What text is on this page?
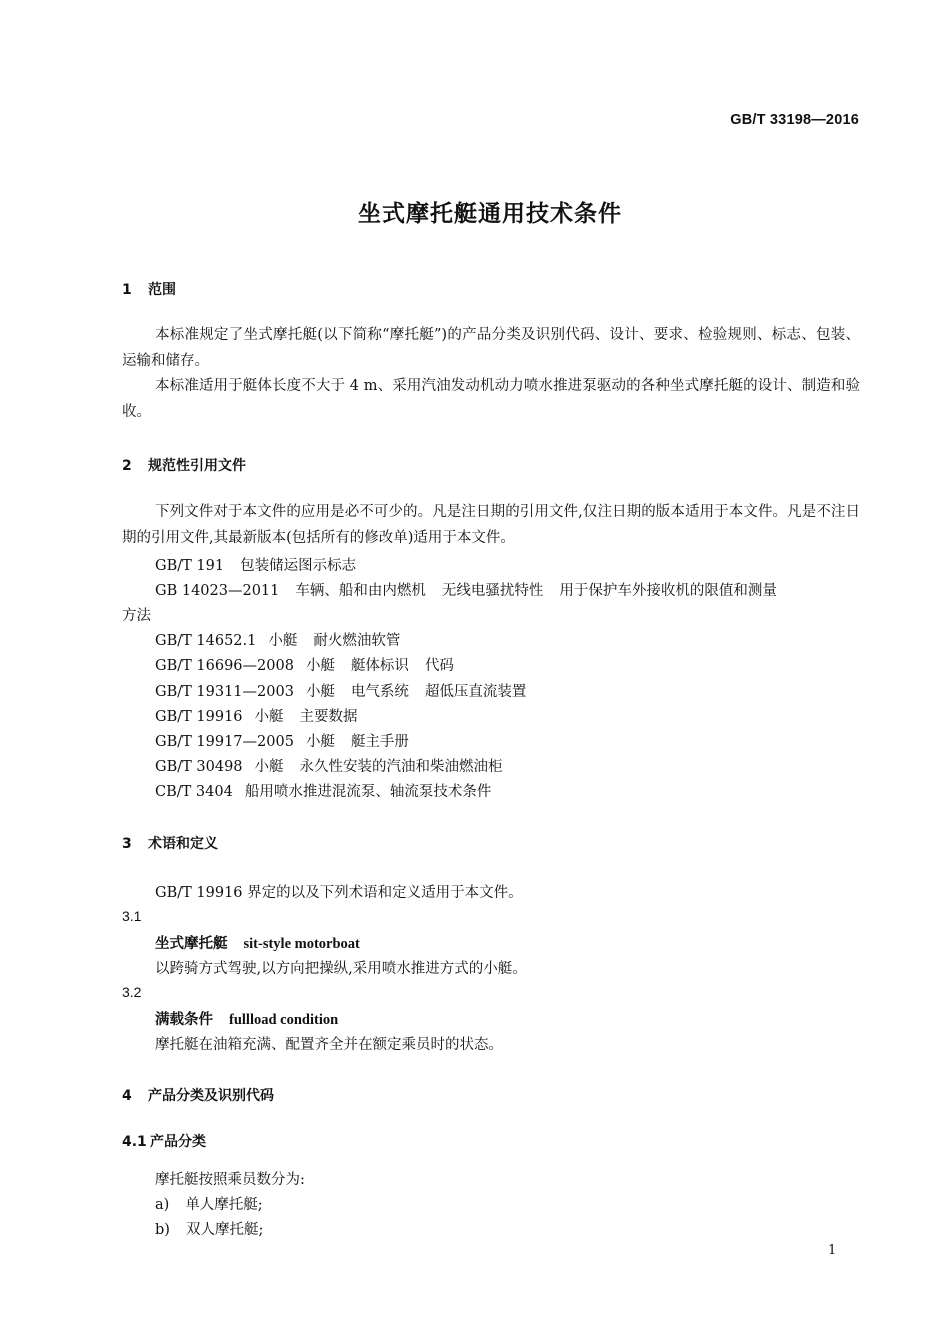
GB/T 33198—2016
坐式摩托艇通用技术条件
1 范围
本标准规定了坐式摩托艇(以下简称“摩托艇”)的产品分类及识别代码、设计、要求、检验规则、标志、包装、运输和储存。
本标准适用于艇体长度不大于 4 m、采用汽油发动机动力喷水推进泵驱动的各种坐式摩托艇的设计、制造和验收。
2 规范性引用文件
下列文件对于本文件的应用是必不可少的。凡是注日期的引用文件,仅注日期的版本适用于本文件。凡是不注日期的引用文件,其最新版本(包括所有的修改单)适用于本文件。
GB/T 191 包装储运图示标志
GB 14023—2011 车辆、船和由内燃机 无线电骚扰特性 用于保护车外接收机的限值和测量
方法
GB/T 14652.1 小艇 耐火燃油软管
GB/T 16696—2008 小艇 艇体标识 代码
GB/T 19311—2003 小艇 电气系统 超低压直流装置
GB/T 19916 小艇 主要数据
GB/T 19917—2005 小艇 艇主手册
GB/T 30498 小艇 永久性安装的汽油和柴油燃油柜
CB/T 3404 船用喷水推进混流泵、轴流泵技术条件
3 术语和定义
GB/T 19916 界定的以及下列术语和定义适用于本文件。
3.1
坐式摩托艇 sit-style motorboat
以跨骑方式驾驶,以方向把操纵,采用喷水推进方式的小艇。
3.2
满载条件 fullload condition
摩托艇在油箱充满、配置齐全并在额定乘员时的状态。
4 产品分类及识别代码
4.1 产品分类
摩托艇按照乘员数分为:
a) 单人摩托艇;
b) 双人摩托艇;
1
